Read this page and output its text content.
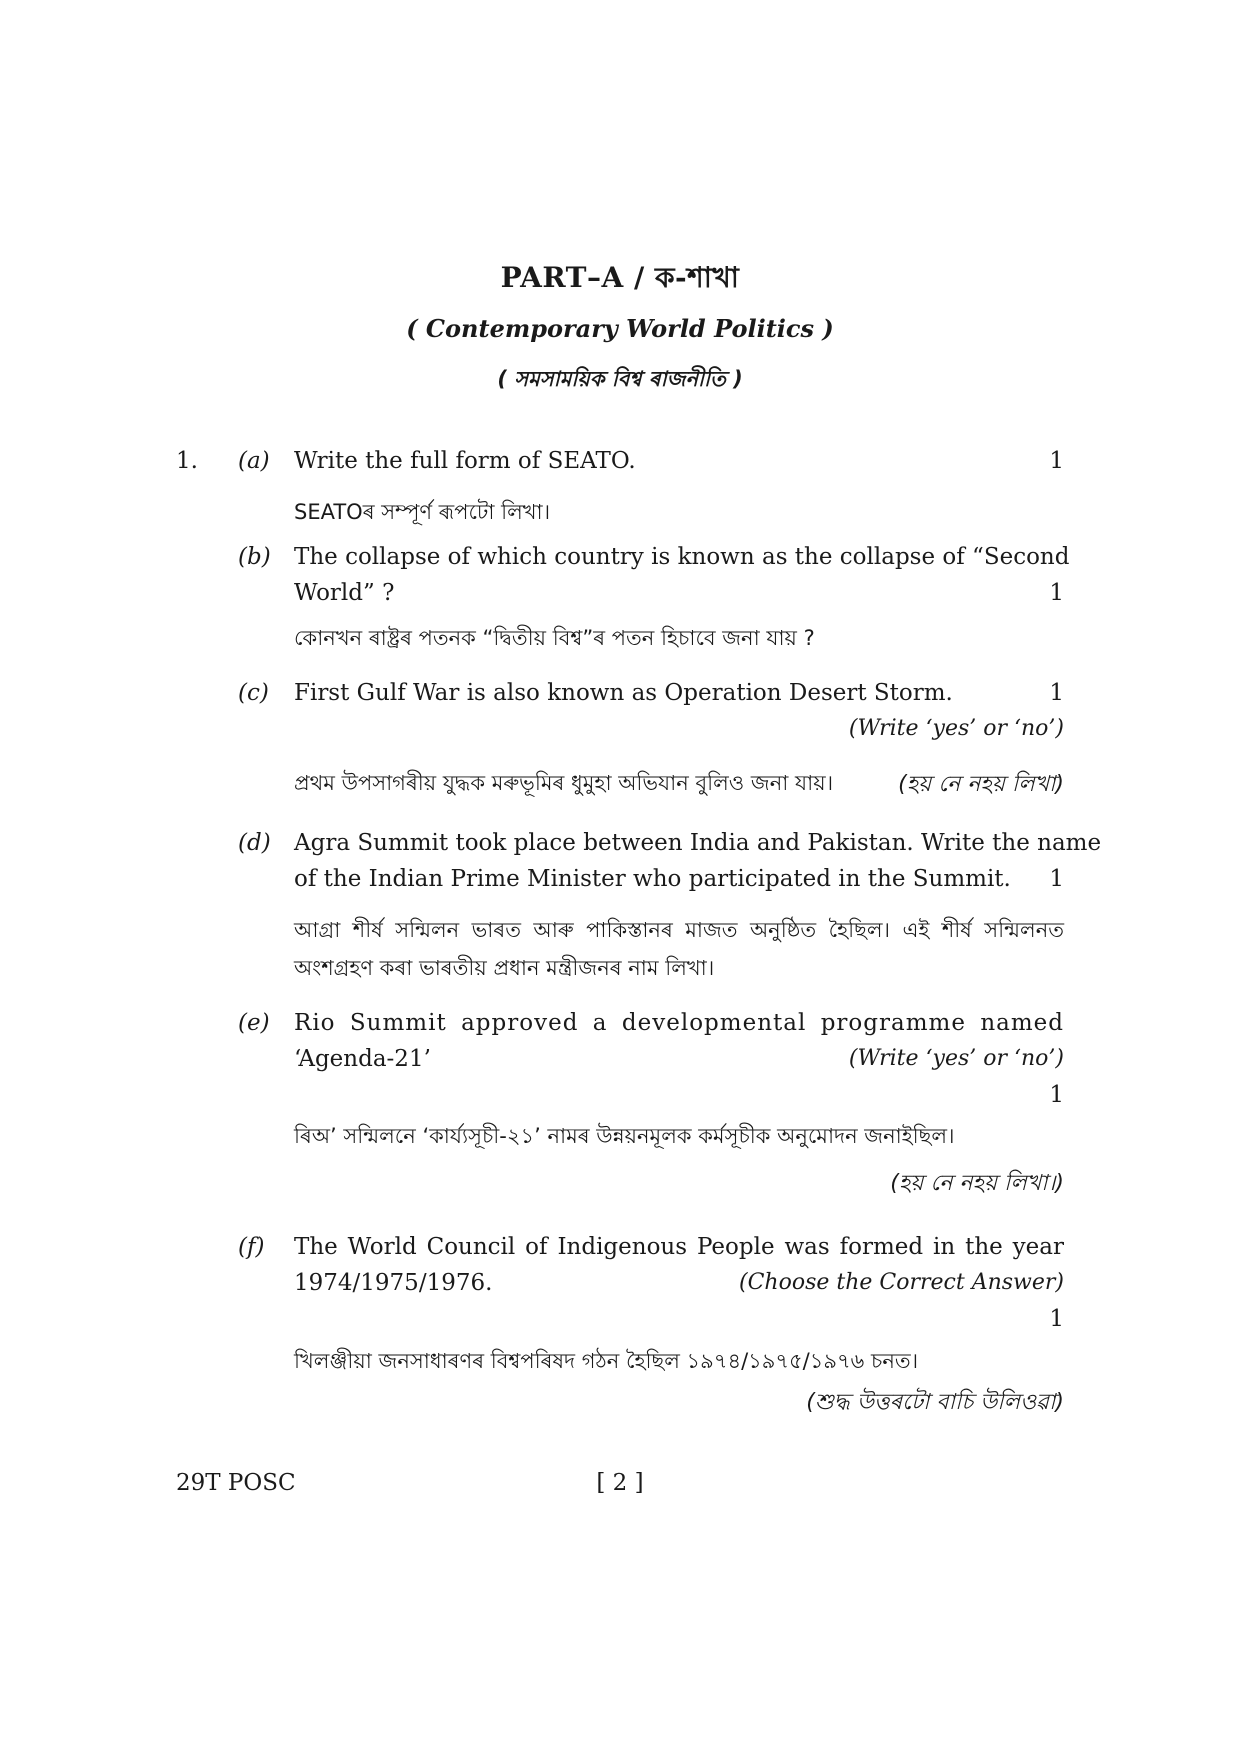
PART–A / ক-শাখা
( Contemporary World Politics )
( সমসাময়িক বিশ্ব ৰাজনীতি )
1. (a) Write the full form of SEATO.	1
SEATOৰ সম্পূৰ্ণ ৰূপটো লিখা।
(b) The collapse of which country is known as the collapse of “Second
World” ?	1
কোনখন ৰাষ্ট্ৰৰ পতনক “দ্বিতীয় বিশ্ব”ৰ পতন হিচাবে জনা যায় ?
(c) First Gulf War is also known as Operation Desert Storm.	1
(Write ‘yes’ or ‘no’)
প্ৰথম উপসাগৰীয় যুদ্ধক মৰুভূমিৰ ধুমুহা অভিযান বুলিও জনা যায়।	(হয় নে নহয় লিখা)
(d) Agra Summit took place between India and Pakistan. Write the name
of the Indian Prime Minister who participated in the Summit.	1
আগ্ৰা শীৰ্ষ সন্মিলন ভাৰত আৰু পাকিস্তানৰ মাজত অনুষ্ঠিত হৈছিল। এই শীৰ্ষ সন্মিলনত
অংশগ্ৰহণ কৰা ভাৰতীয় প্ৰধান মন্ত্ৰীজনৰ নাম লিখা।
(e) Rio Summit approved a developmental programme named
‘Agenda-21’	(Write ‘yes’ or ‘no’)
1
ৰিঅ’ সন্মিলনে ‘কাৰ্য্যসূচী-২১’ নামৰ উন্নয়নমূলক কৰ্মসূচীক অনুমোদন জনাইছিল।
(হয় নে নহয় লিখা।)
(f) The World Council of Indigenous People was formed in the year
1974/1975/1976.	(Choose the Correct Answer)
1
খিলঞ্জীয়া জনসাধাৰণৰ বিশ্বপৰিষদ গঠন হৈছিল ১৯৭৪/১৯৭৫/১৯৭৬ চনত।
(শুদ্ধ উত্তৰটো বাচি উলিওৱা)
29T POSC	[ 2 ]
